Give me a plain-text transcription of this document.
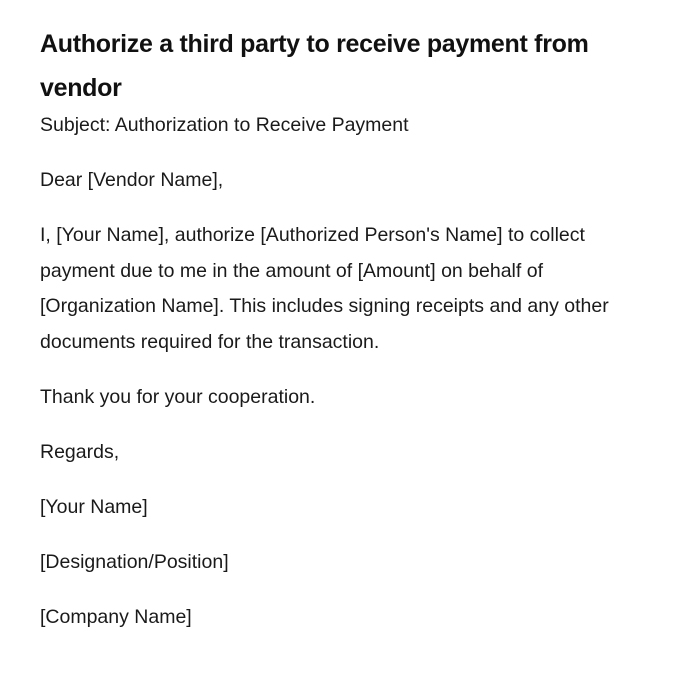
Authorize a third party to receive payment from vendor

Subject: Authorization to Receive Payment

Dear [Vendor Name],

I, [Your Name], authorize [Authorized Person's Name] to collect payment due to me in the amount of [Amount] on behalf of [Organization Name]. This includes signing receipts and any other documents required for the transaction.

Thank you for your cooperation.

Regards,

[Your Name]

[Designation/Position]

[Company Name]
